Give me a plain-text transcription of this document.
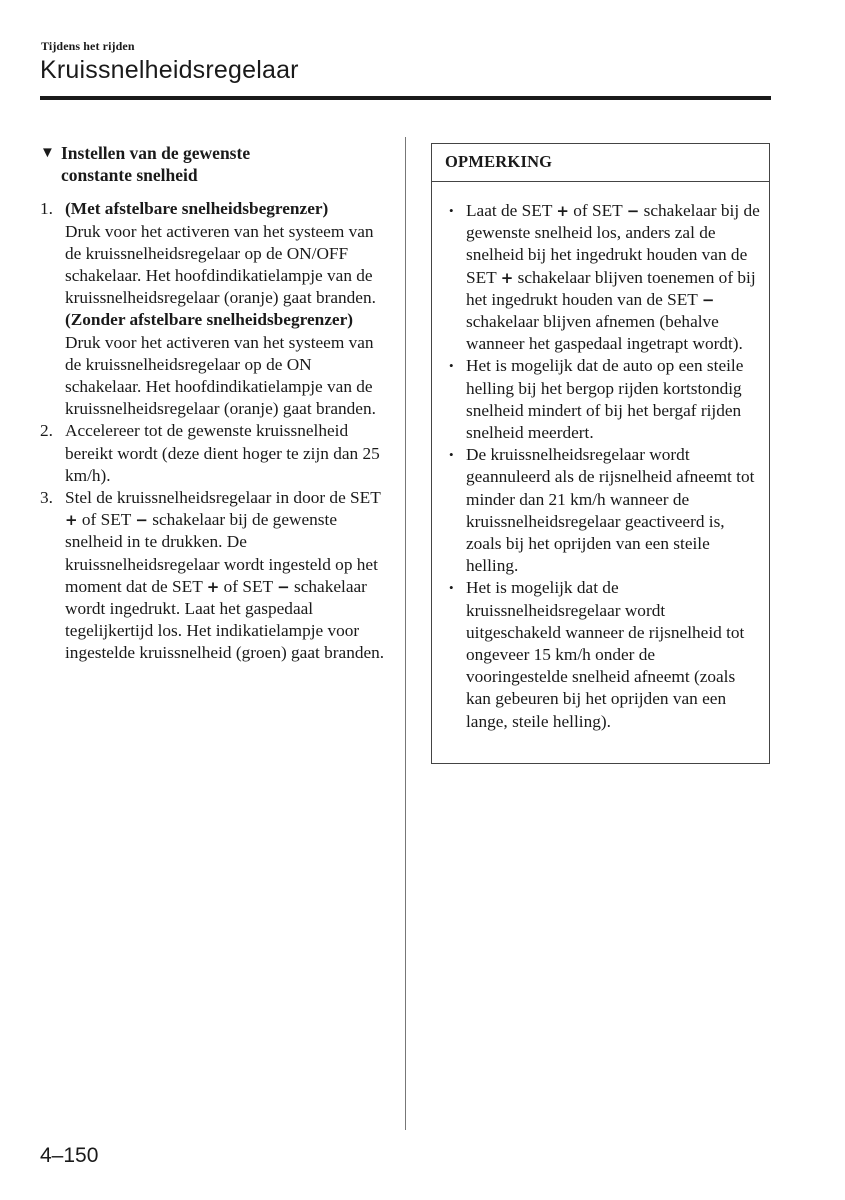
Tijdens het rijden
Kruissnelheidsregelaar
▼ Instellen van de gewenste
constante snelheid
1. (Met afstelbare snelheidsbegrenzer)
Druk voor het activeren van het systeem van de kruissnelheidsregelaar op de ON/OFF schakelaar. Het hoofdindikatielampje van de kruissnelheidsregelaar (oranje) gaat branden.
(Zonder afstelbare snelheidsbegrenzer)
Druk voor het activeren van het systeem van de kruissnelheidsregelaar op de ON schakelaar. Het hoofdindikatielampje van de kruissnelheidsregelaar (oranje) gaat branden.
2. Accelereer tot de gewenste kruissnelheid bereikt wordt (deze dient hoger te zijn dan 25 km/h).
3. Stel de kruissnelheidsregelaar in door de SET + of SET − schakelaar bij de gewenste snelheid in te drukken. De kruissnelheidsregelaar wordt ingesteld op het moment dat de SET + of SET − schakelaar wordt ingedrukt. Laat het gaspedaal tegelijkertijd los. Het indikatielampje voor ingestelde kruissnelheid (groen) gaat branden.
OPMERKING
• Laat de SET + of SET − schakelaar bij de gewenste snelheid los, anders zal de snelheid bij het ingedrukt houden van de SET + schakelaar blijven toenemen of bij het ingedrukt houden van de SET − schakelaar blijven afnemen (behalve wanneer het gaspedaal ingetrapt wordt).
• Het is mogelijk dat de auto op een steile helling bij het bergop rijden kortstondig snelheid mindert of bij het bergaf rijden snelheid meerdert.
• De kruissnelheidsregelaar wordt geannuleerd als de rijsnelheid afneemt tot minder dan 21 km/h wanneer de kruissnelheidsregelaar geactiveerd is, zoals bij het oprijden van een steile helling.
• Het is mogelijk dat de kruissnelheidsregelaar wordt uitgeschakeld wanneer de rijsnelheid tot ongeveer 15 km/h onder de vooringestelde snelheid afneemt (zoals kan gebeuren bij het oprijden van een lange, steile helling).
4–150
